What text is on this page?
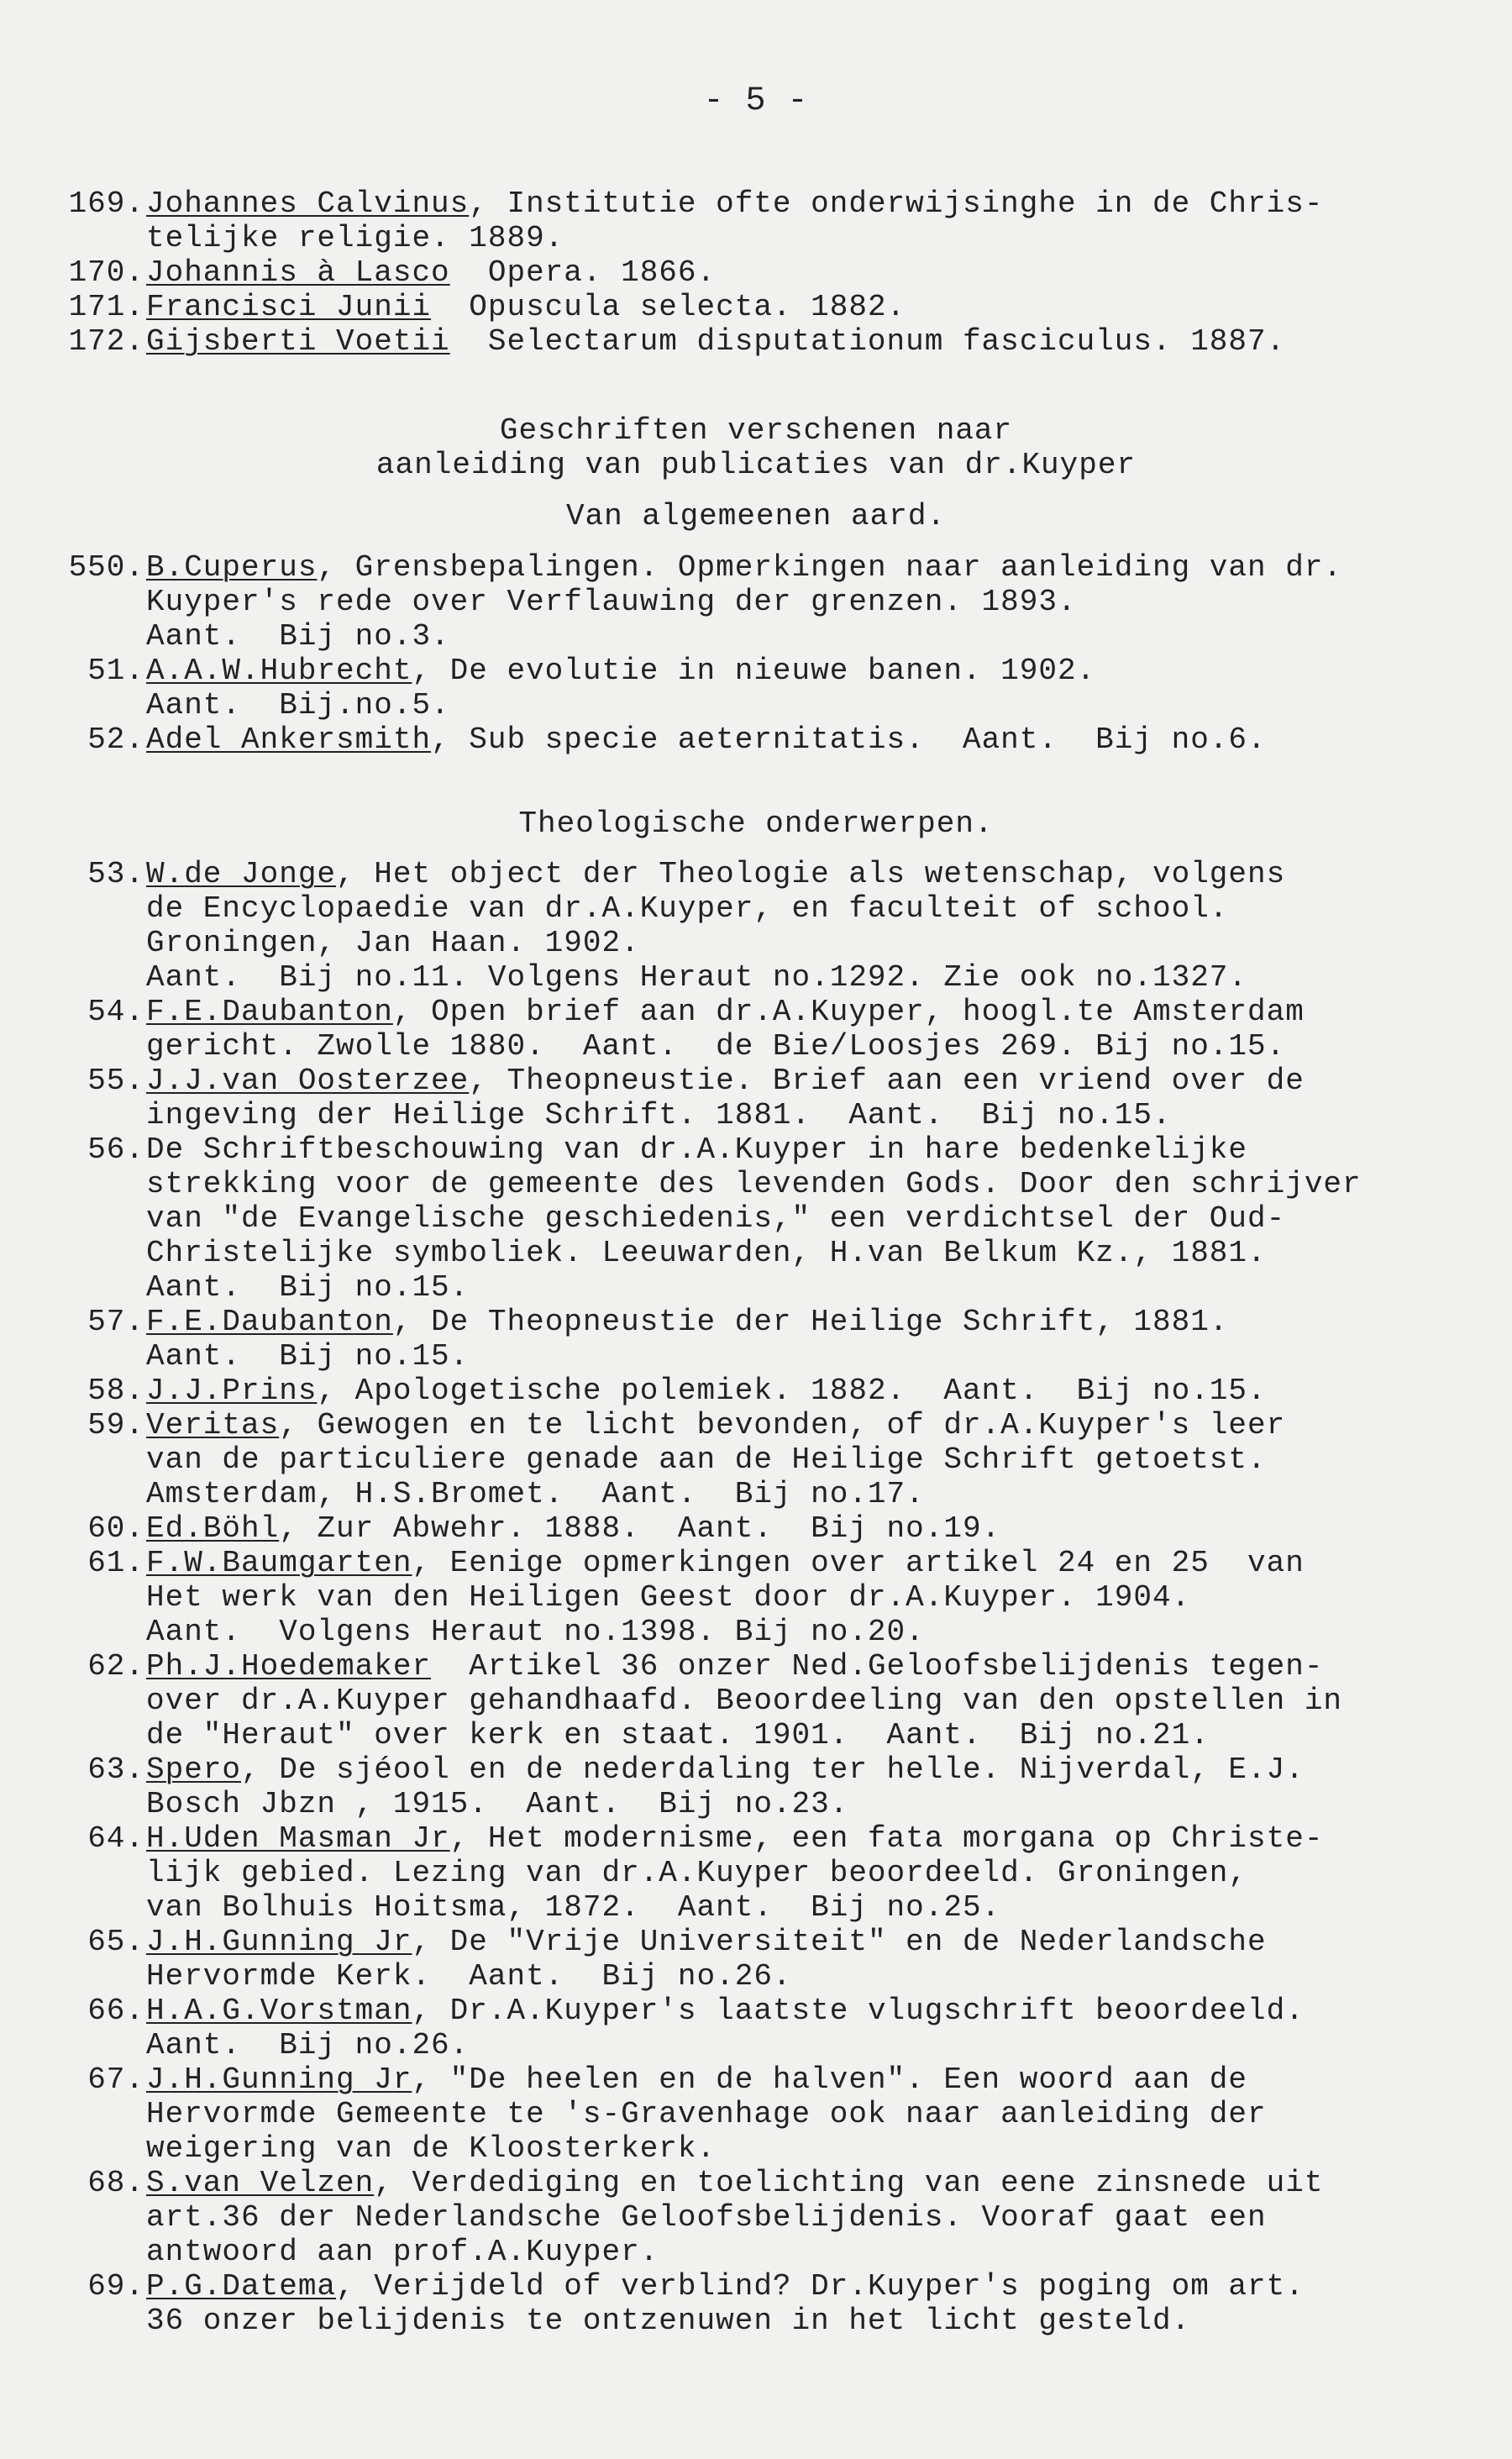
- 5 -
169. Johannes Calvinus, Institutie ofte onderwijsinghe in de Chris-
telijke religie. 1889.
170. Johannis à Lasco  Opera. 1866.
171. Francisci Junii  Opuscula selecta. 1882.
172. Gijsberti Voetii  Selectarum disputationum fasciculus. 1887.
Geschriften verschenen naar
aanleiding van publicaties van dr.Kuyper
Van algemeenen aard.
550. B.Cuperus, Grensbepalingen. Opmerkingen naar aanleiding van dr.
Kuyper's rede over Verflauwing der grenzen. 1893.
Aant.  Bij no.3.
51. A.A.W.Hubrecht, De evolutie in nieuwe banen. 1902.
Aant.  Bij.no.5.
52. Adel Ankersmith, Sub specie aeternitatis.  Aant.  Bij no.6.
Theologische onderwerpen.
53. W.de Jonge, Het object der Theologie als wetenschap, volgens
de Encyclopaedie van dr.A.Kuyper, en faculteit of school.
Groningen, Jan Haan. 1902.
Aant.  Bij no.11. Volgens Heraut no.1292. Zie ook no.1327.
54. F.E.Daubanton, Open brief aan dr.A.Kuyper, hoogl.te Amsterdam
gericht. Zwolle 1880.  Aant.  de Bie/Loosjes 269. Bij no.15.
55. J.J.van Oosterzee, Theopneustie. Brief aan een vriend over de
ingeving der Heilige Schrift. 1881.  Aant.  Bij no.15.
56. De Schriftbeschouwing van dr.A.Kuyper in hare bedenkelijke
strekking voor de gemeente des levenden Gods. Door den schrijver
van "de Evangelische geschiedenis," een verdichtsel der Oud-
Christelijke symboliek. Leeuwarden, H.van Belkum Kz., 1881.
Aant.  Bij no.15.
57. F.E.Daubanton, De Theopneustie der Heilige Schrift, 1881.
Aant.  Bij no.15.
58. J.J.Prins, Apologetische polemiek. 1882.  Aant.  Bij no.15.
59. Veritas, Gewogen en te licht bevonden, of dr.A.Kuyper's leer
van de particuliere genade aan de Heilige Schrift getoetst.
Amsterdam, H.S.Bromet.  Aant.  Bij no.17.
60. Ed.Böhl, Zur Abwehr. 1888.  Aant.  Bij no.19.
61. F.W.Baumgarten, Eenige opmerkingen over artikel 24 en 25  van
Het werk van den Heiligen Geest door dr.A.Kuyper. 1904.
Aant.  Volgens Heraut no.1398. Bij no.20.
62. Ph.J.Hoedemaker  Artikel 36 onzer Ned.Geloofsbelijdenis tegen-
over dr.A.Kuyper gehandhaafd. Beoordeeling van den opstellen in
de "Heraut" over kerk en staat. 1901.  Aant.  Bij no.21.
63. Spero, De sjéool en de nederdaling ter helle. Nijverdal, E.J.
Bosch Jbzn , 1915.  Aant.  Bij no.23.
64. H.Uden Masman Jr, Het modernisme, een fata morgana op Christe-
lijk gebied. Lezing van dr.A.Kuyper beoordeeld. Groningen,
van Bolhuis Hoitsma, 1872.  Aant.  Bij no.25.
65. J.H.Gunning Jr, De "Vrije Universiteit" en de Nederlandsche
Hervormde Kerk.  Aant.  Bij no.26.
66. H.A.G.Vorstman, Dr.A.Kuyper's laatste vlugschrift beoordeeld.
Aant.  Bij no.26.
67. J.H.Gunning Jr, "De heelen en de halven". Een woord aan de
Hervormde Gemeente te 's-Gravenhage ook naar aanleiding der
weigering van de Kloosterkerk.
68. S.van Velzen, Verdediging en toelichting van eene zinsnede uit
art.36 der Nederlandsche Geloofsbelijdenis. Vooraf gaat een
antwoord aan prof.A.Kuyper.
69. P.G.Datema, Verijdeld of verblind? Dr.Kuyper's poging om art.
36 onzer belijdenis te ontzenuwen in het licht gesteld.
